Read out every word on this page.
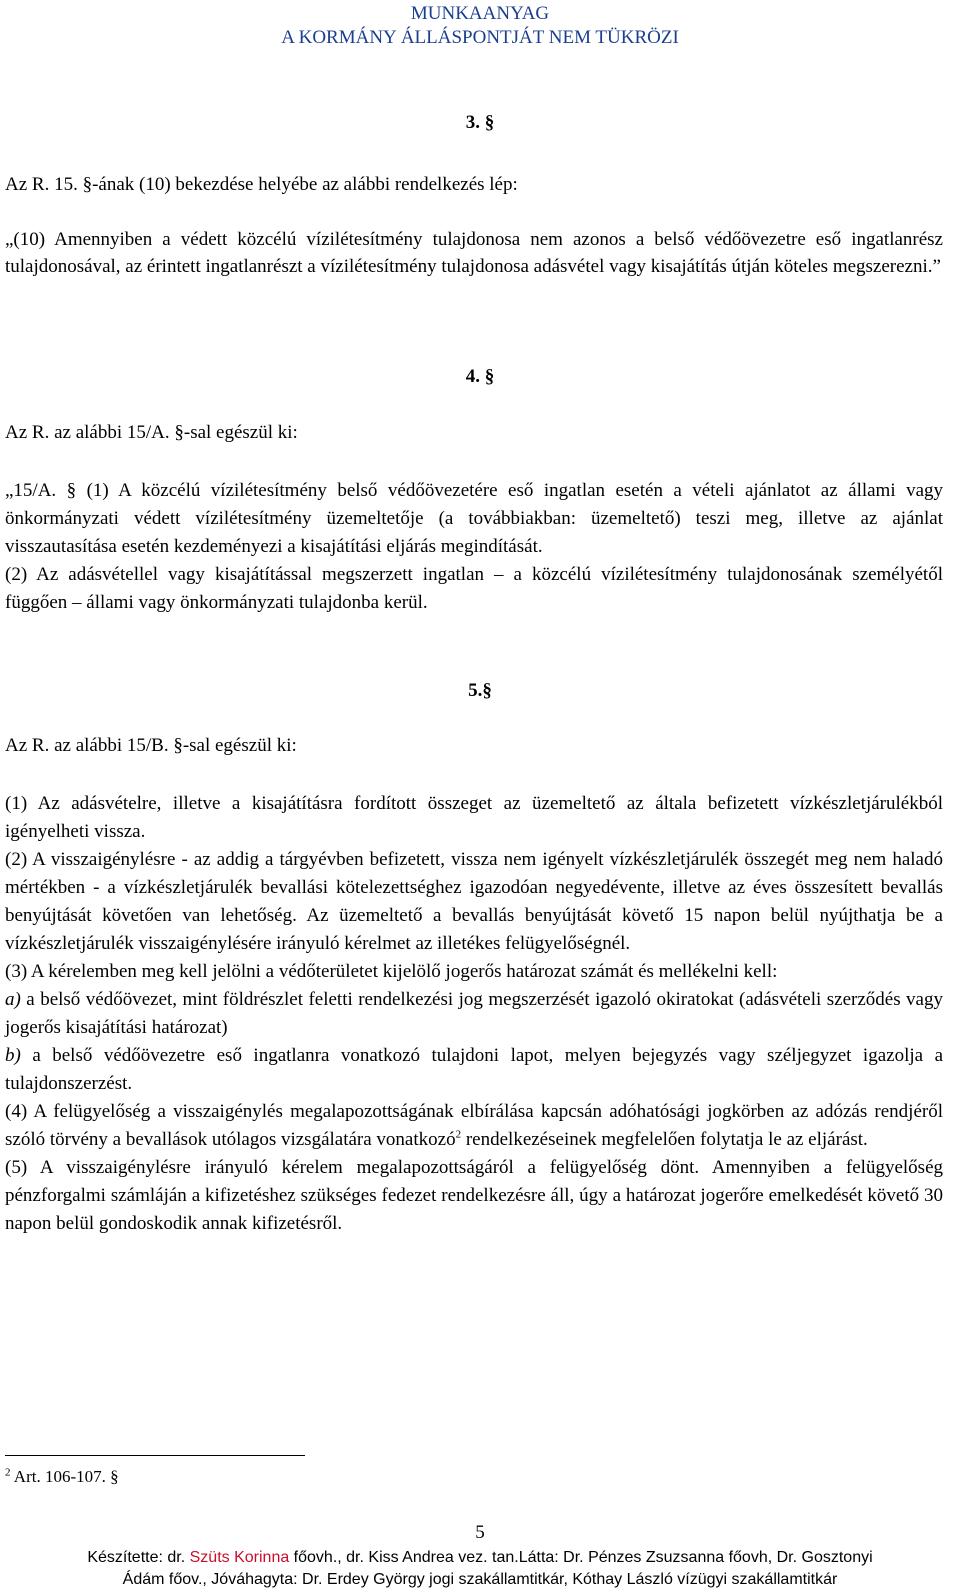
MUNKAANYAG
A KORMÁNY ÁLLÁSPONTJÁT NEM TÜKRÖZI
3. §
Az R. 15. §-ának (10) bekezdése helyébe az alábbi rendelkezés lép:

„(10) Amennyiben a védett közcélú vízilétesítmény tulajdonosa nem azonos a belső védőövezetre eső ingatlanrész tulajdonosával, az érintett ingatlanrészt a vízilétesítmény tulajdonosa adásvétel vagy kisajátítás útján köteles megszerezni.”

4. §
Az R. az alábbi 15/A. §-sal egészül ki:

„15/A. § (1) A közcélú vízilétesítmény belső védőövezetére eső ingatlan esetén a vételi ajánlatot az állami vagy önkormányzati védett vízilétesítmény üzemeltetője (a továbbiakban: üzemeltető) teszi meg, illetve az ajánlat visszautasítása esetén kezdeményezi a kisajátítási eljárás megindítását.

(2) Az adásvétellel vagy kisajátítással megszerzett ingatlan – a közcélú vízilétesítmény tulajdonosának személyétől függően – állami vagy önkormányzati tulajdonba kerül.

5.§
Az R. az alábbi 15/B. §-sal egészül ki:

(1) Az adásvételre, illetve a kisajátításra fordított összeget az üzemeltető az általa befizetett vízkészletjárulékból igényelheti vissza.

(2) A visszaigénylésre - az addig a tárgyévben befizetett, vissza nem igényelt vízkészletjárulék összegét meg nem haladó mértékben - a vízkészletjárulék bevallási kötelezettséghez igazodóan negyedévente, illetve az éves összesített bevallás benyújtását követően van lehetőség. Az üzemeltető a bevallás benyújtását követő 15 napon belül nyújthatja be a vízkészletjárulék visszaigénylésére irányuló kérelmet az illetékes felügyelőségnél.

(3) A kérelemben meg kell jelölni a védőterületet kijelölő jogerős határozat számát és mellékelni kell:

a) a belső védőövezet, mint földrészlet feletti rendelkezési jog megszerzését igazoló okiratokat (adásvételi szerződés vagy jogerős kisajátítási határozat)

b) a belső védőövezetre eső ingatlanra vonatkozó tulajdoni lapot, melyen bejegyzés vagy széljegyzet igazolja a tulajdonszerzést.

(4) A felügyelőség a visszaigénylés megalapozottságának elbírálása kapcsán adóhatósági jogkörben az adózás rendjéről szóló törvény a bevallások utólagos vizsgálatára vonatkozó$^2$ rendelkezéseinek megfelelően folytatja le az eljárást.

(5) A visszaigénylésre irányuló kérelem megalapozottságáról a felügyelőség dönt. Amennyiben a felügyelőség pénzforgalmi számláján a kifizetéshez szükséges fedezet rendelkezésre áll, úgy a határozat jogerőre emelkedését követő 30 napon belül gondoskodik annak kifizetésről.

$^2$ Art. 106-107. §
5
Készítette: dr. Szüts Korinna főovh., dr. Kiss Andrea vez. tan.Látta: Dr. Pénzes Zsuzsanna főovh, Dr. Gosztonyi
Ádám főov., Jóváhagyta: Dr. Erdey György jogi szakállamtitkár, Kóthay László vízügyi szakállamtitkár
